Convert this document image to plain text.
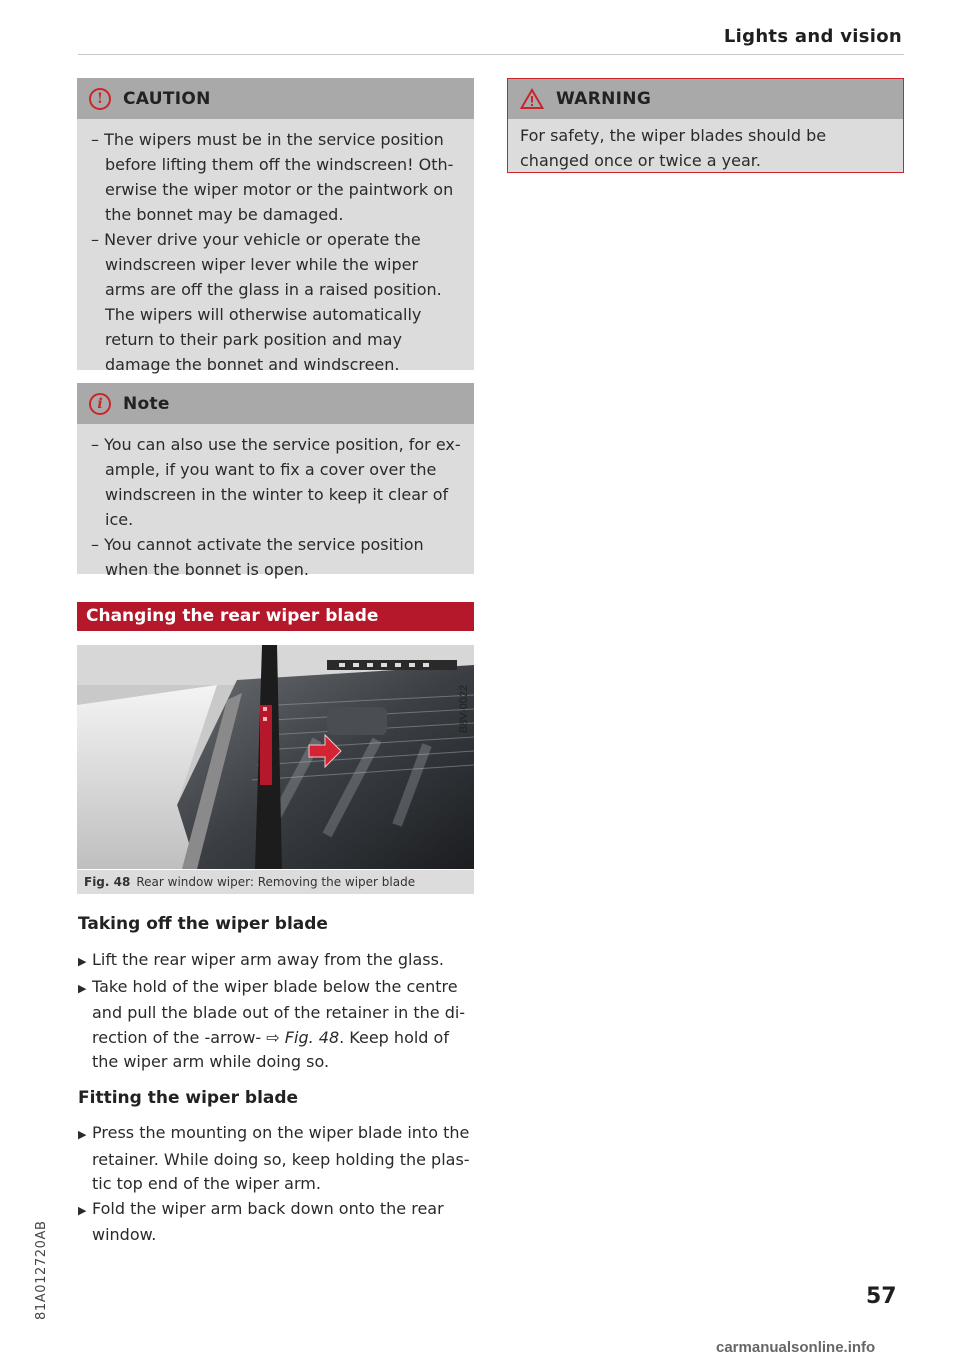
Lights and vision
!	CAUTION

– The wipers must be in the service position before lifting them off the windscreen! Oth-erwise the wiper motor or the paintwork on the bonnet may be damaged.

– Never drive your vehicle or operate the windscreen wiper lever while the wiper arms are off the glass in a raised position. The wipers will otherwise automatically return to their park position and may damage the bonnet and windscreen.

i	Note

– You can also use the service position, for ex-ample, if you want to fix a cover over the windscreen in the winter to keep it clear of ice.

– You cannot activate the service position when the bonnet is open.

WARNING
For safety, the wiper blades should be changed once or twice a year.
Changing the rear wiper blade
B8V-0022
Fig. 48 Rear window wiper: Removing the wiper blade
Taking off the wiper blade

▶ Lift the rear wiper arm away from the glass.

▶ Take hold of the wiper blade below the centre and pull the blade out of the retainer in the di-rection of the -arrow- ⇨ Fig. 48. Keep hold of the wiper arm while doing so.

Fitting the wiper blade

▶ Press the mounting on the wiper blade into the retainer. While doing so, keep holding the plas-tic top end of the wiper arm.

▶ Fold the wiper arm back down onto the rear window.

81A012720AB	57
carmanualsonline.info
